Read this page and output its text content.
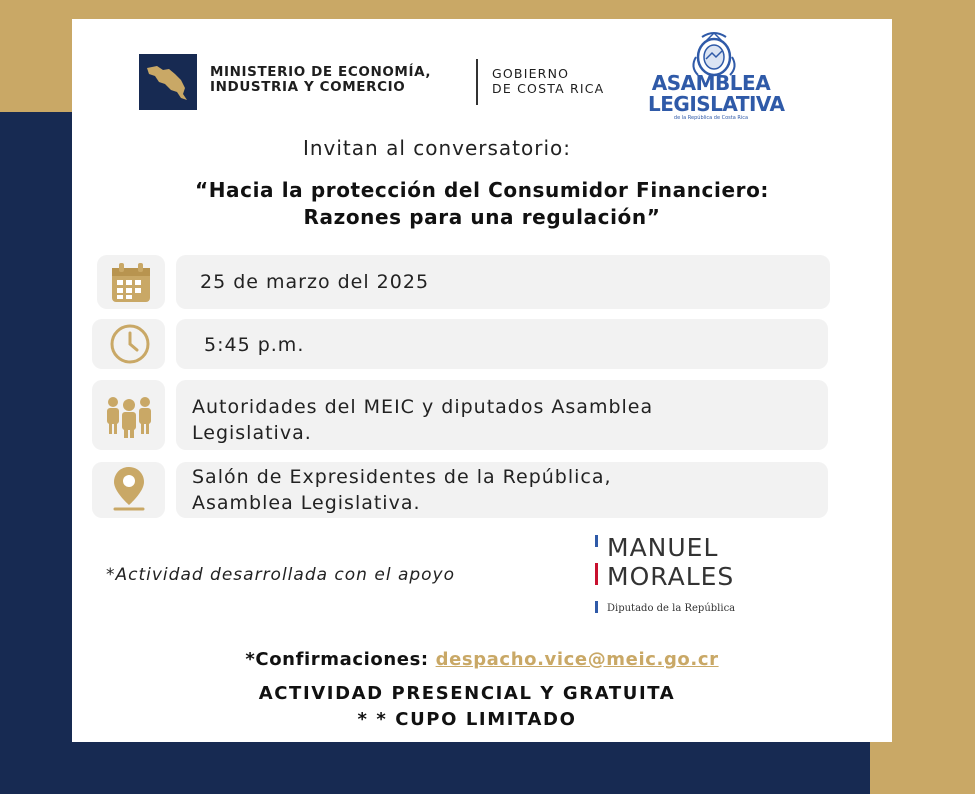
MINISTERIO DE ECONOMÍA,
INDUSTRIA Y COMERCIO
GOBIERNO
DE COSTA RICA ASAMBLEA
LEGISLATIVA
de la República de Costa Rica
Invitan al conversatorio:
“Hacia la protección del Consumidor Financiero:
Razones para una regulación”
25 de marzo del 2025
5:45 p.m.
Autoridades del MEIC y diputados Asamblea
Legislativa.
Salón de Expresidentes de la República,
Asamblea Legislativa.
*Actividad desarrollada con el apoyo
MANUEL
MORALES
Diputado de la República
*Confirmaciones: despacho.vice@meic.go.cr
ACTIVIDAD PRESENCIAL Y GRATUITA
* * CUPO LIMITADO
